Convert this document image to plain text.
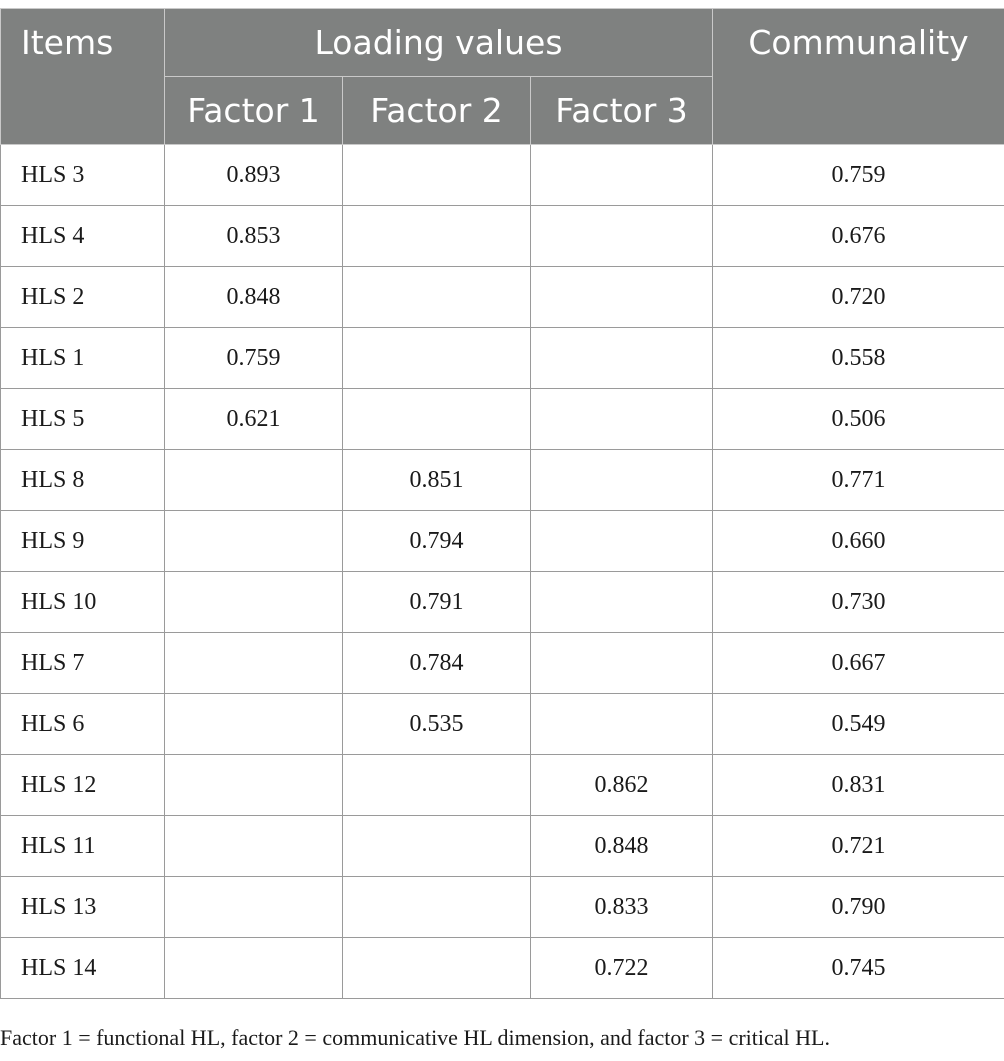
Items	Loading values			Communality
	Factor 1	Factor 2	Factor 3	
HLS 3	0.893			0.759
HLS 4	0.853			0.676
HLS 2	0.848			0.720
HLS 1	0.759			0.558
HLS 5	0.621			0.506
HLS 8		0.851		0.771
HLS 9		0.794		0.660
HLS 10		0.791		0.730
HLS 7		0.784		0.667
HLS 6		0.535		0.549
HLS 12			0.862	0.831
HLS 11			0.848	0.721
HLS 13			0.833	0.790
HLS 14			0.722	0.745
Factor 1 = functional HL, factor 2 = communicative HL dimension, and factor 3 = critical HL.
